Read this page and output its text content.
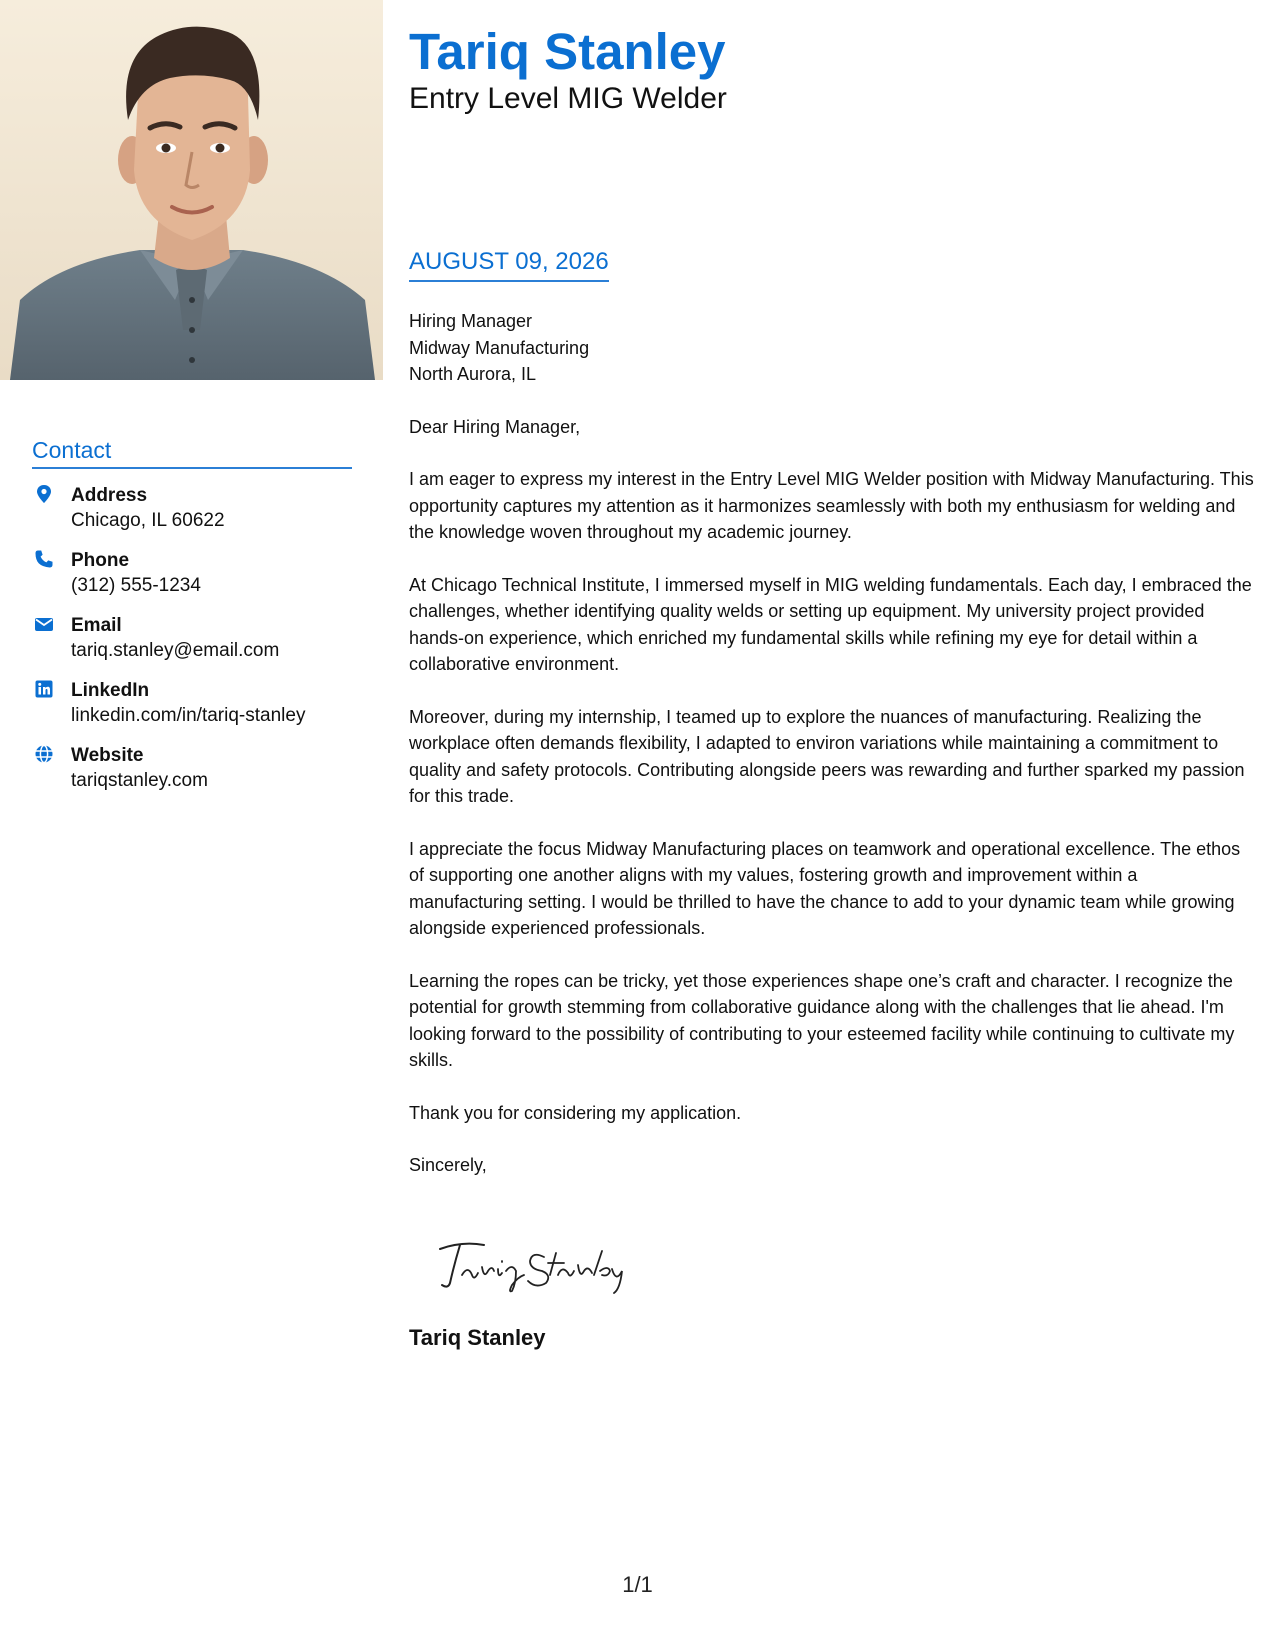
Contact
Address
Chicago, IL 60622
Phone
(312) 555-1234
Email
tariq.stanley@email.com
LinkedIn
linkedin.com/in/tariq-stanley
Website
tariqstanley.com
Tariq Stanley
Entry Level MIG Welder
AUGUST 09, 2026
Hiring Manager
Midway Manufacturing
North Aurora, IL

Dear Hiring Manager,

I am eager to express my interest in the Entry Level MIG Welder position with Midway Manufacturing. This opportunity captures my attention as it harmonizes seamlessly with both my enthusiasm for welding and the knowledge woven throughout my academic journey.

At Chicago Technical Institute, I immersed myself in MIG welding fundamentals. Each day, I embraced the challenges, whether identifying quality welds or setting up equipment. My university project provided hands-on experience, which enriched my fundamental skills while refining my eye for detail within a collaborative environment.

Moreover, during my internship, I teamed up to explore the nuances of manufacturing. Realizing the workplace often demands flexibility, I adapted to environ variations while maintaining a commitment to quality and safety protocols. Contributing alongside peers was rewarding and further sparked my passion for this trade.

I appreciate the focus Midway Manufacturing places on teamwork and operational excellence. The ethos of supporting one another aligns with my values, fostering growth and improvement within a manufacturing setting. I would be thrilled to have the chance to add to your dynamic team while growing alongside experienced professionals.

Learning the ropes can be tricky, yet those experiences shape one’s craft and character. I recognize the potential for growth stemming from collaborative guidance along with the challenges that lie ahead. I'm looking forward to the possibility of contributing to your esteemed facility while continuing to cultivate my skills.

Thank you for considering my application.

Sincerely,

Tariq Stanley
1/1
